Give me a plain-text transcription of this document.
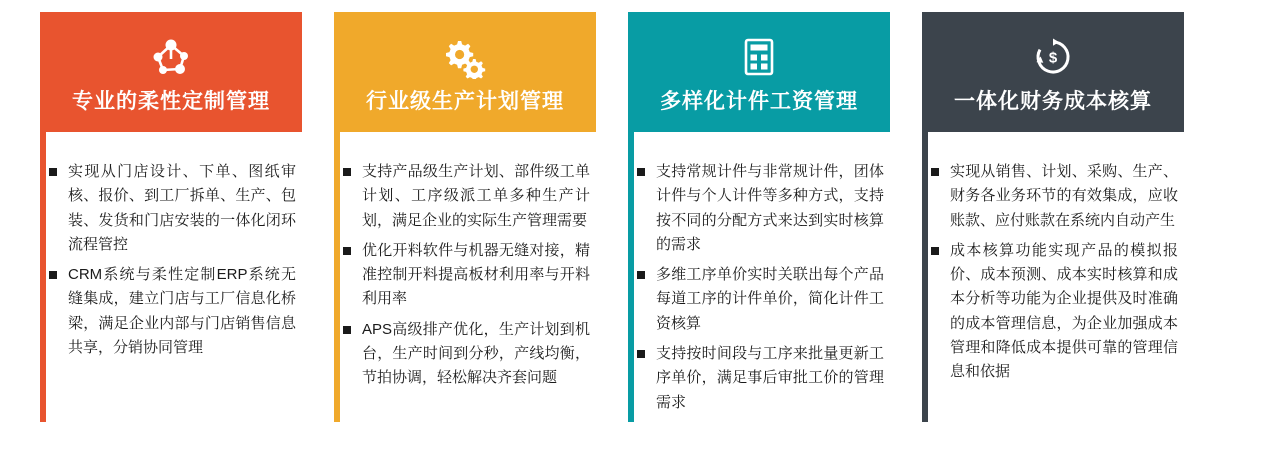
专业的柔性定制管理
实现从门店设计、下单、图纸审核、报价、到工厂拆单、生产、包装、发货和门店安装的一体化闭环流程管控
CRM系统与柔性定制ERP系统无缝集成，建立门店与工厂信息化桥梁，满足企业内部与门店销售信息共享，分销协同管理
行业级生产计划管理
支持产品级生产计划、部件级工单计划、工序级派工单多种生产计划，满足企业的实际生产管理需要
优化开料软件与机器无缝对接，精准控制开料提高板材利用率与开料利用率
APS高级排产优化，生产计划到机台，生产时间到分秒，产线均衡，节拍协调，轻松解决齐套问题
多样化计件工资管理
支持常规计件与非常规计件，团体计件与个人计件等多种方式，支持按不同的分配方式来达到实时核算的需求
多维工序单价实时关联出每个产品每道工序的计件单价，简化计件工资核算
支持按时间段与工序来批量更新工序单价，满足事后审批工价的管理需求
$
一体化财务成本核算
实现从销售、计划、采购、生产、财务各业务环节的有效集成，应收账款、应付账款在系统内自动产生
成本核算功能实现产品的模拟报价、成本预测、成本实时核算和成本分析等功能为企业提供及时准确的成本管理信息，为企业加强成本管理和降低成本提供可靠的管理信息和依据
